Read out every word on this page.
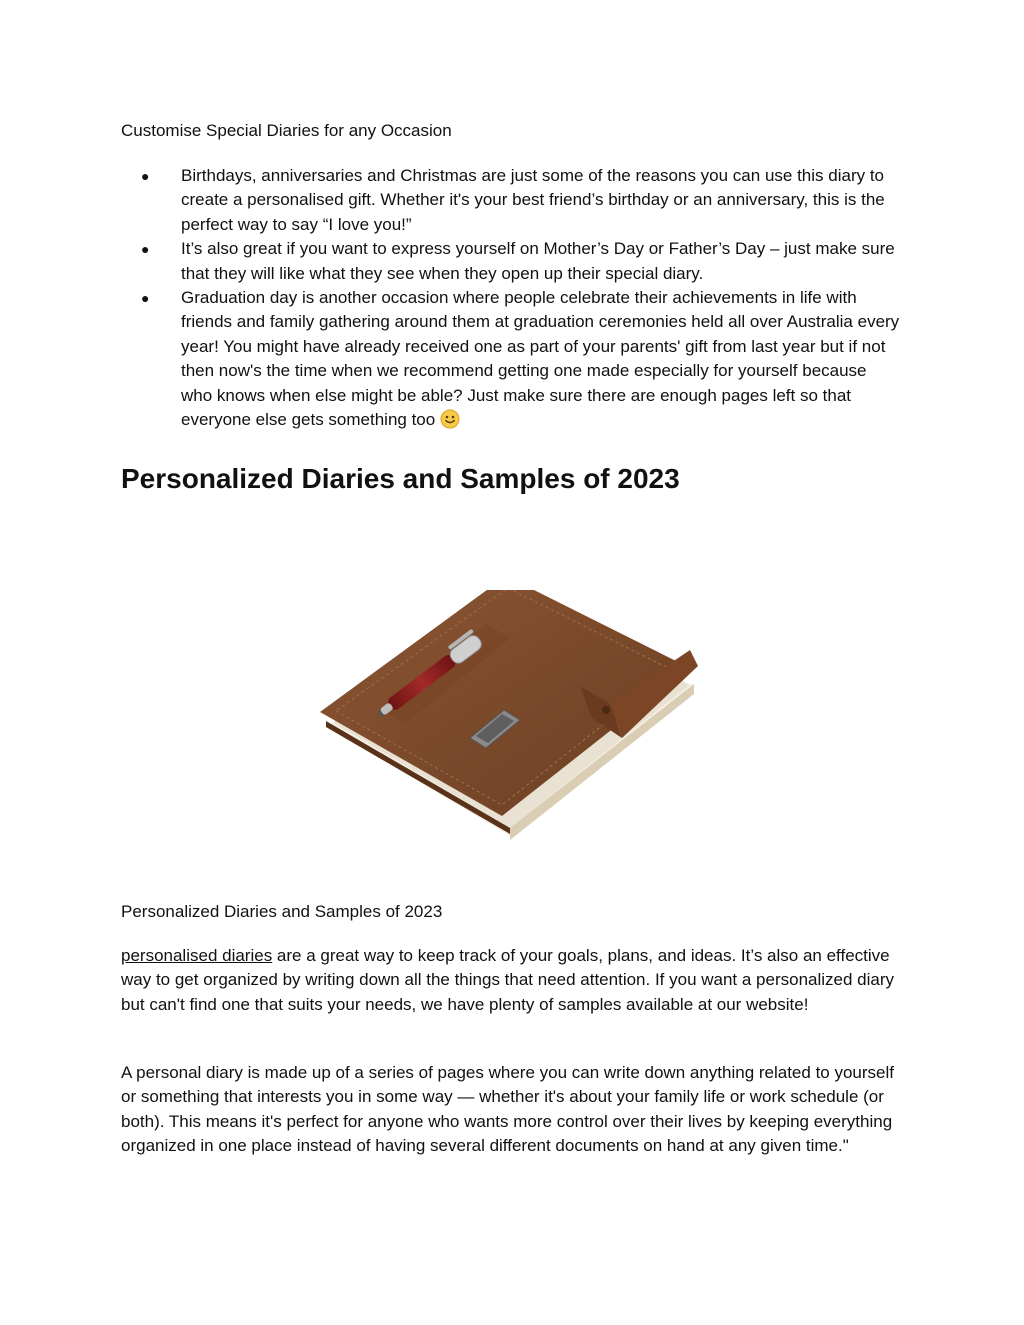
Customise Special Diaries for any Occasion
● Birthdays, anniversaries and Christmas are just some of the reasons you can use this diary to create a personalised gift. Whether it's your best friend’s birthday or an anniversary, this is the perfect way to say “I love you!”
● It’s also great if you want to express yourself on Mother’s Day or Father’s Day – just make sure that they will like what they see when they open up their special diary.
● Graduation day is another occasion where people celebrate their achievements in life with friends and family gathering around them at graduation ceremonies held all over Australia every year! You might have already received one as part of your parents' gift from last year but if not then now's the time when we recommend getting one made especially for yourself because who knows when else might be able? Just make sure there are enough pages left so that everyone else gets something too
Personalized Diaries and Samples of 2023
Personalized Diaries and Samples of 2023

personalised diaries are a great way to keep track of your goals, plans, and ideas. It’s also an effective way to get organized by writing down all the things that need attention. If you want a personalized diary but can't find one that suits your needs, we have plenty of samples available at our website!

A personal diary is made up of a series of pages where you can write down anything related to yourself or something that interests you in some way — whether it's about your family life or work schedule (or both). This means it's perfect for anyone who wants more control over their lives by keeping everything organized in one place instead of having several different documents on hand at any given time."
